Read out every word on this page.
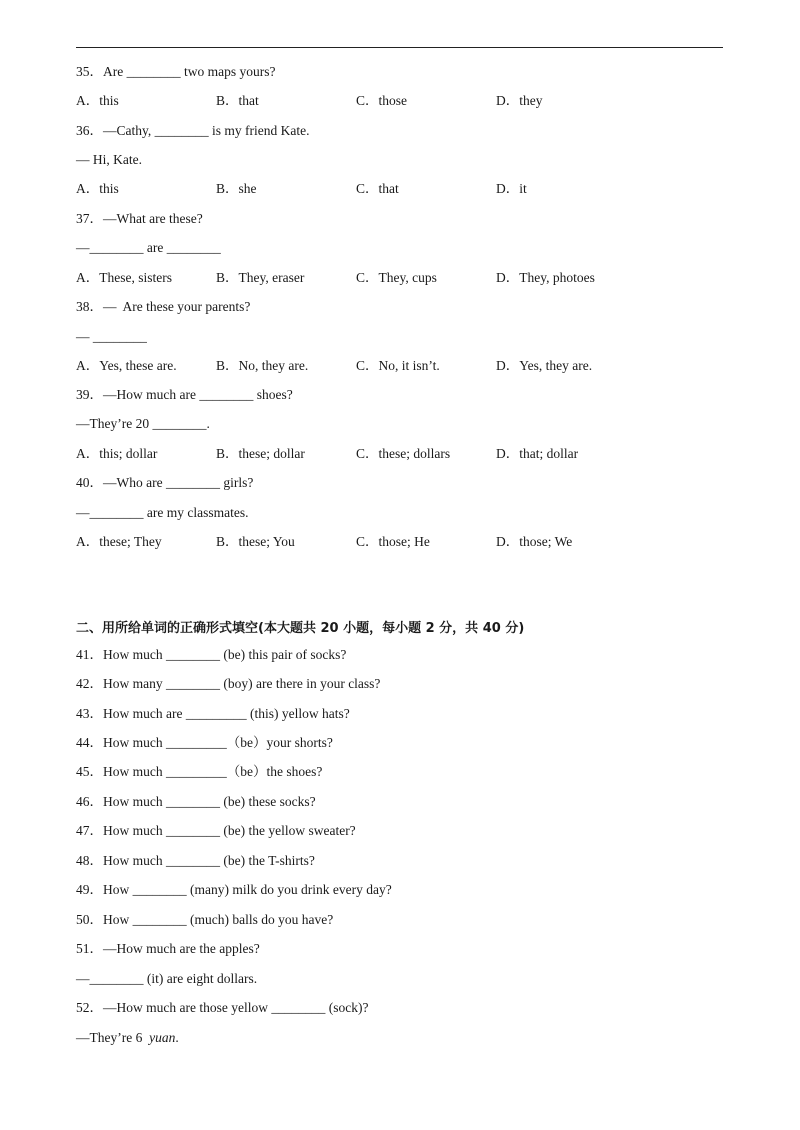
35．Are ________ two maps yours?
A．this	B．that	C．those	D．they
36．—Cathy, ________ is my friend Kate.
— Hi, Kate.
A．this	B．she	C．that	D．it
37．—What are these?
—________ are ________
A．These, sisters	B．They, eraser	C．They, cups	D．They, photoes
38．—  Are these your parents?
— ________
A．Yes, these are.	B．No, they are.	C．No, it isn’t.	D．Yes, they are.
39．—How much are ________ shoes?
—They’re 20 ________.
A．this; dollar	B．these; dollar	C．these; dollars	D．that; dollar
40．—Who are ________ girls?
—________ are my classmates.
A．these; They	B．these; You	C．those; He	D．those; We
二、用所给单词的正确形式填空(本大题共 20 小题，每小题 2 分，共 40 分)
41．How much ________ (be) this pair of socks?
42．How many ________ (boy) are there in your class?
43．How much are _________ (this) yellow hats?
44．How much _________（be）your shorts?
45．How much _________（be）the shoes?
46．How much ________ (be) these socks?
47．How much ________ (be) the yellow sweater?
48．How much ________ (be) the T-shirts?
49．How ________ (many) milk do you drink every day?
50．How ________ (much) balls do you have?
51．—How much are the apples?
—________ (it) are eight dollars.
52．—How much are those yellow ________ (sock)?
—They’re 6  yuan.
